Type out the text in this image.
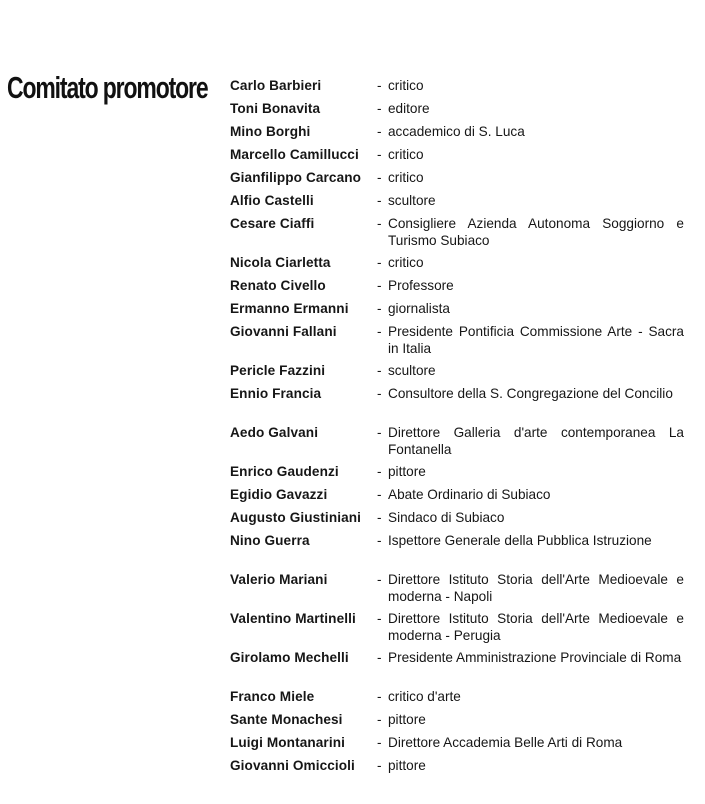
Comitato promotore Carlo Barbieri	- critico
Toni Bonavita	- editore
Mino Borghi	- accademico di S. Luca
Marcello Camillucci	- critico
Gianfilippo Carcano	- critico
Alfio Castelli	- scultore
Cesare Ciaffi	- Consigliere Azienda Autonoma Soggiorno e Turismo Subiaco
Nicola Ciarletta	- critico
Renato Civello	- Professore
Ermanno Ermanni	- giornalista
Giovanni Fallani	- Presidente Pontificia Commissione Arte - Sacra in Italia
Pericle Fazzini	- scultore
Ennio Francia	- Consultore della S. Congregazione del Concilio
Aedo Galvani	- Direttore Galleria d'arte contemporanea La Fontanella
Enrico Gaudenzi	- pittore
Egidio Gavazzi	- Abate Ordinario di Subiaco
Augusto Giustiniani	- Sindaco di Subiaco
Nino Guerra	- Ispettore Generale della Pubblica Istruzione
Valerio Mariani	- Direttore Istituto Storia dell'Arte Medioevale e moderna - Napoli
Valentino Martinelli	- Direttore Istituto Storia dell'Arte Medioevale e moderna - Perugia
Girolamo Mechelli	- Presidente Amministrazione Provinciale di Roma
Franco Miele	- critico d'arte
Sante Monachesi	- pittore
Luigi Montanarini	- Direttore Accademia Belle Arti di Roma
Giovanni Omiccioli	- pittore
